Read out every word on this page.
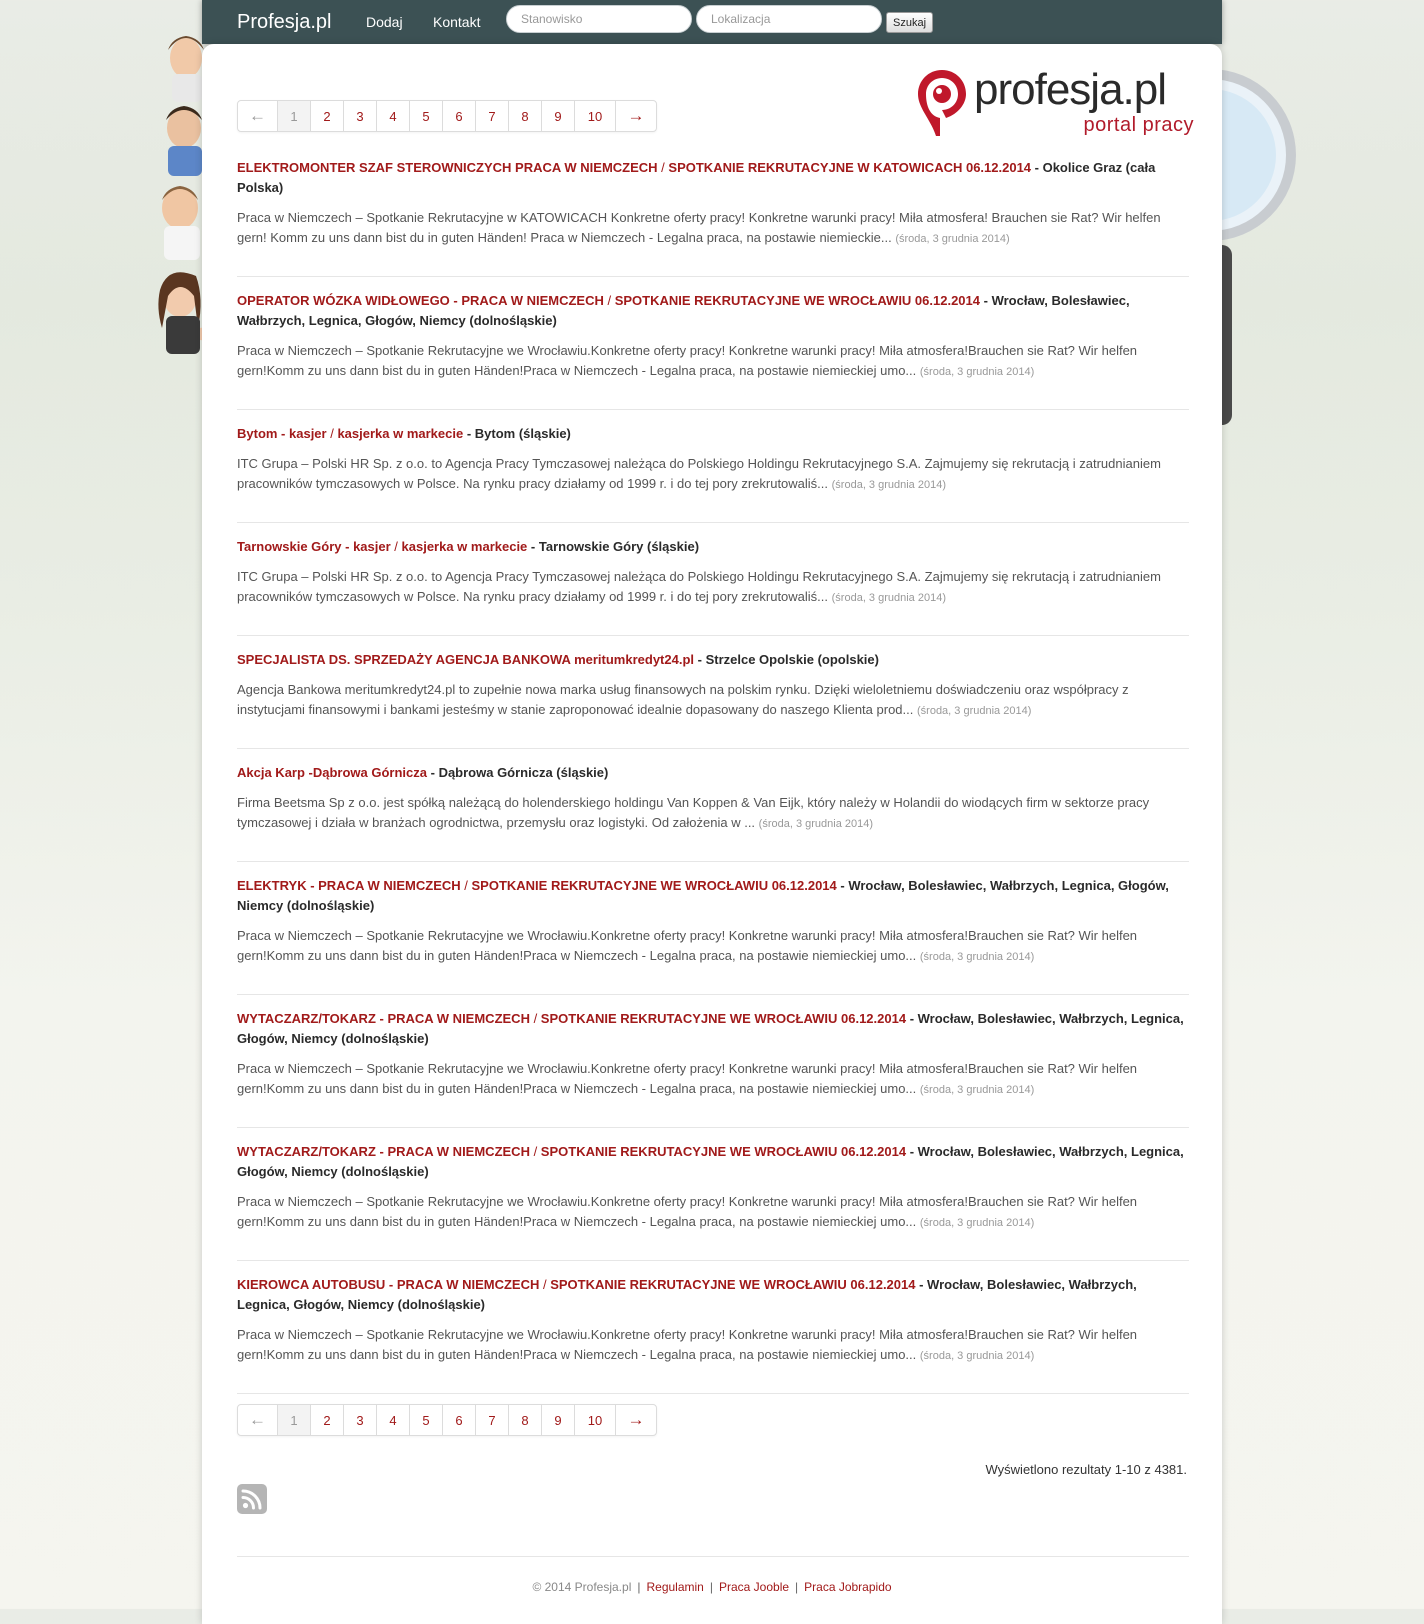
Profesja.pl Dodaj Kontakt
Stanowisko
Lokalizacja	Szukaj
profesja.pl
portal pracy
←	1	2	3	4	5	6	7	8	9	10	→
ELEKTROMONTER SZAF STEROWNICZYCH PRACA W NIEMCZECH / SPOTKANIE REKRUTACYJNE W KATOWICACH 06.12.2014 - Okolice Graz (cała Polska)

Praca w Niemczech – Spotkanie Rekrutacyjne w KATOWICACH Konkretne oferty pracy! Konkretne warunki pracy! Miła atmosfera! Brauchen sie Rat? Wir helfen gern! Komm zu uns dann bist du in guten Händen! Praca w Niemczech - Legalna praca, na postawie niemieckie... (środa, 3 grudnia 2014)

OPERATOR WÓZKA WIDŁOWEGO - PRACA W NIEMCZECH / SPOTKANIE REKRUTACYJNE WE WROCŁAWIU 06.12.2014 - Wrocław, Bolesławiec, Wałbrzych, Legnica, Głogów, Niemcy (dolnośląskie)

Praca w Niemczech – Spotkanie Rekrutacyjne we Wrocławiu.Konkretne oferty pracy! Konkretne warunki pracy! Miła atmosfera!Brauchen sie Rat? Wir helfen gern!Komm zu uns dann bist du in guten Händen!Praca w Niemczech - Legalna praca, na postawie niemieckiej umo... (środa, 3 grudnia 2014)

Bytom - kasjer / kasjerka w markecie - Bytom (śląskie)

ITC Grupa – Polski HR Sp. z o.o. to Agencja Pracy Tymczasowej należąca do Polskiego Holdingu Rekrutacyjnego S.A. Zajmujemy się rekrutacją i zatrudnianiem pracowników tymczasowych w Polsce. Na rynku pracy działamy od 1999 r. i do tej pory zrekrutowaliś... (środa, 3 grudnia 2014)

Tarnowskie Góry - kasjer / kasjerka w markecie - Tarnowskie Góry (śląskie)

ITC Grupa – Polski HR Sp. z o.o. to Agencja Pracy Tymczasowej należąca do Polskiego Holdingu Rekrutacyjnego S.A. Zajmujemy się rekrutacją i zatrudnianiem pracowników tymczasowych w Polsce. Na rynku pracy działamy od 1999 r. i do tej pory zrekrutowaliś... (środa, 3 grudnia 2014)

SPECJALISTA DS. SPRZEDAŻY AGENCJA BANKOWA meritumkredyt24.pl - Strzelce Opolskie (opolskie)

Agencja Bankowa meritumkredyt24.pl to zupełnie nowa marka usług finansowych na polskim rynku. Dzięki wieloletniemu doświadczeniu oraz współpracy z instytucjami finansowymi i bankami jesteśmy w stanie zaproponować idealnie dopasowany do naszego Klienta prod... (środa, 3 grudnia 2014)

Akcja Karp -Dąbrowa Górnicza - Dąbrowa Górnicza (śląskie)

Firma Beetsma Sp z o.o. jest spółką należącą do holenderskiego holdingu Van Koppen & Van Eijk, który należy w Holandii do wiodących firm w sektorze pracy tymczasowej i działa w branżach ogrodnictwa, przemysłu oraz logistyki. Od założenia w ... (środa, 3 grudnia 2014)

ELEKTRYK - PRACA W NIEMCZECH / SPOTKANIE REKRUTACYJNE WE WROCŁAWIU 06.12.2014 - Wrocław, Bolesławiec, Wałbrzych, Legnica, Głogów, Niemcy (dolnośląskie)

Praca w Niemczech – Spotkanie Rekrutacyjne we Wrocławiu.Konkretne oferty pracy! Konkretne warunki pracy! Miła atmosfera!Brauchen sie Rat? Wir helfen gern!Komm zu uns dann bist du in guten Händen!Praca w Niemczech - Legalna praca, na postawie niemieckiej umo... (środa, 3 grudnia 2014)

WYTACZARZ/TOKARZ - PRACA W NIEMCZECH / SPOTKANIE REKRUTACYJNE WE WROCŁAWIU 06.12.2014 - Wrocław, Bolesławiec, Wałbrzych, Legnica, Głogów, Niemcy (dolnośląskie)

Praca w Niemczech – Spotkanie Rekrutacyjne we Wrocławiu.Konkretne oferty pracy! Konkretne warunki pracy! Miła atmosfera!Brauchen sie Rat? Wir helfen gern!Komm zu uns dann bist du in guten Händen!Praca w Niemczech - Legalna praca, na postawie niemieckiej umo... (środa, 3 grudnia 2014)

WYTACZARZ/TOKARZ - PRACA W NIEMCZECH / SPOTKANIE REKRUTACYJNE WE WROCŁAWIU 06.12.2014 - Wrocław, Bolesławiec, Wałbrzych, Legnica, Głogów, Niemcy (dolnośląskie)

Praca w Niemczech – Spotkanie Rekrutacyjne we Wrocławiu.Konkretne oferty pracy! Konkretne warunki pracy! Miła atmosfera!Brauchen sie Rat? Wir helfen gern!Komm zu uns dann bist du in guten Händen!Praca w Niemczech - Legalna praca, na postawie niemieckiej umo... (środa, 3 grudnia 2014)

KIEROWCA AUTOBUSU - PRACA W NIEMCZECH / SPOTKANIE REKRUTACYJNE WE WROCŁAWIU 06.12.2014 - Wrocław, Bolesławiec, Wałbrzych, Legnica, Głogów, Niemcy (dolnośląskie)

Praca w Niemczech – Spotkanie Rekrutacyjne we Wrocławiu.Konkretne oferty pracy! Konkretne warunki pracy! Miła atmosfera!Brauchen sie Rat? Wir helfen gern!Komm zu uns dann bist du in guten Händen!Praca w Niemczech - Legalna praca, na postawie niemieckiej umo... (środa, 3 grudnia 2014)

←	1	2	3	4	5	6	7	8	9	10	→
Wyświetlono rezultaty 1-10 z 4381.
© 2014 Profesja.pl | Regulamin | Praca Jooble | Praca Jobrapido
